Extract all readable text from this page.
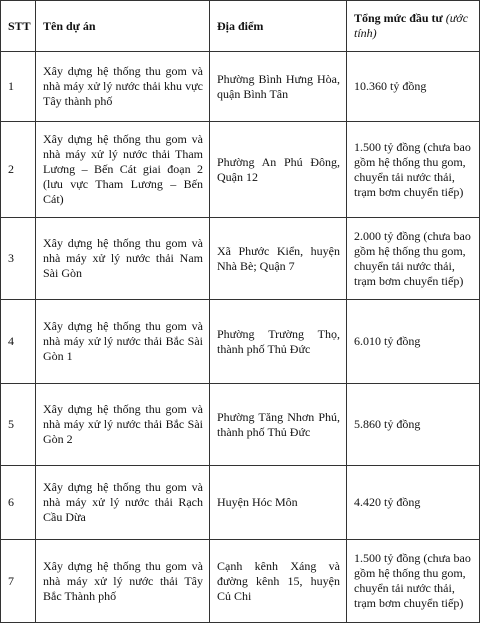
STT	Tên dự án	Địa điểm	Tổng mức đầu tư (ước tính)
1	Xây dựng hệ thống thu gom và nhà máy xử lý nước thải khu vực Tây thành phố	Phường Bình Hưng Hòa, quận Bình Tân	10.360 tỷ đồng
2	Xây dựng hệ thống thu gom và nhà máy xử lý nước thải Tham Lương – Bến Cát giai đoạn 2 (lưu vực Tham Lương – Bến Cát)	Phường An Phú Đông, Quận 12	1.500 tỷ đồng (chưa bao gồm hệ thống thu gom, chuyển tải nước thải, trạm bơm chuyển tiếp)
3	Xây dựng hệ thống thu gom và nhà máy xử lý nước thải Nam Sài Gòn	Xã Phước Kiển, huyện Nhà Bè; Quận 7	2.000 tỷ đồng (chưa bao gồm hệ thống thu gom, chuyển tải nước thải, trạm bơm chuyển tiếp)
4	Xây dựng hệ thống thu gom và nhà máy xử lý nước thải Bắc Sài Gòn 1	Phường Trường Thọ, thành phố Thủ Đức	6.010 tỷ đồng
5	Xây dựng hệ thống thu gom và nhà máy xử lý nước thải Bắc Sài Gòn 2	Phường Tăng Nhơn Phú, thành phố Thủ Đức	5.860 tỷ đồng
6	Xây dựng hệ thống thu gom và nhà máy xử lý nước thải Rạch Cầu Dừa	Huyện Hóc Môn	4.420 tỷ đồng
7	Xây dựng hệ thống thu gom và nhà máy xử lý nước thải Tây Bắc Thành phố	Cạnh kênh Xáng và đường kênh 15, huyện Củ Chi	1.500 tỷ đồng (chưa bao gồm hệ thống thu gom, chuyển tải nước thải, trạm bơm chuyển tiếp)
